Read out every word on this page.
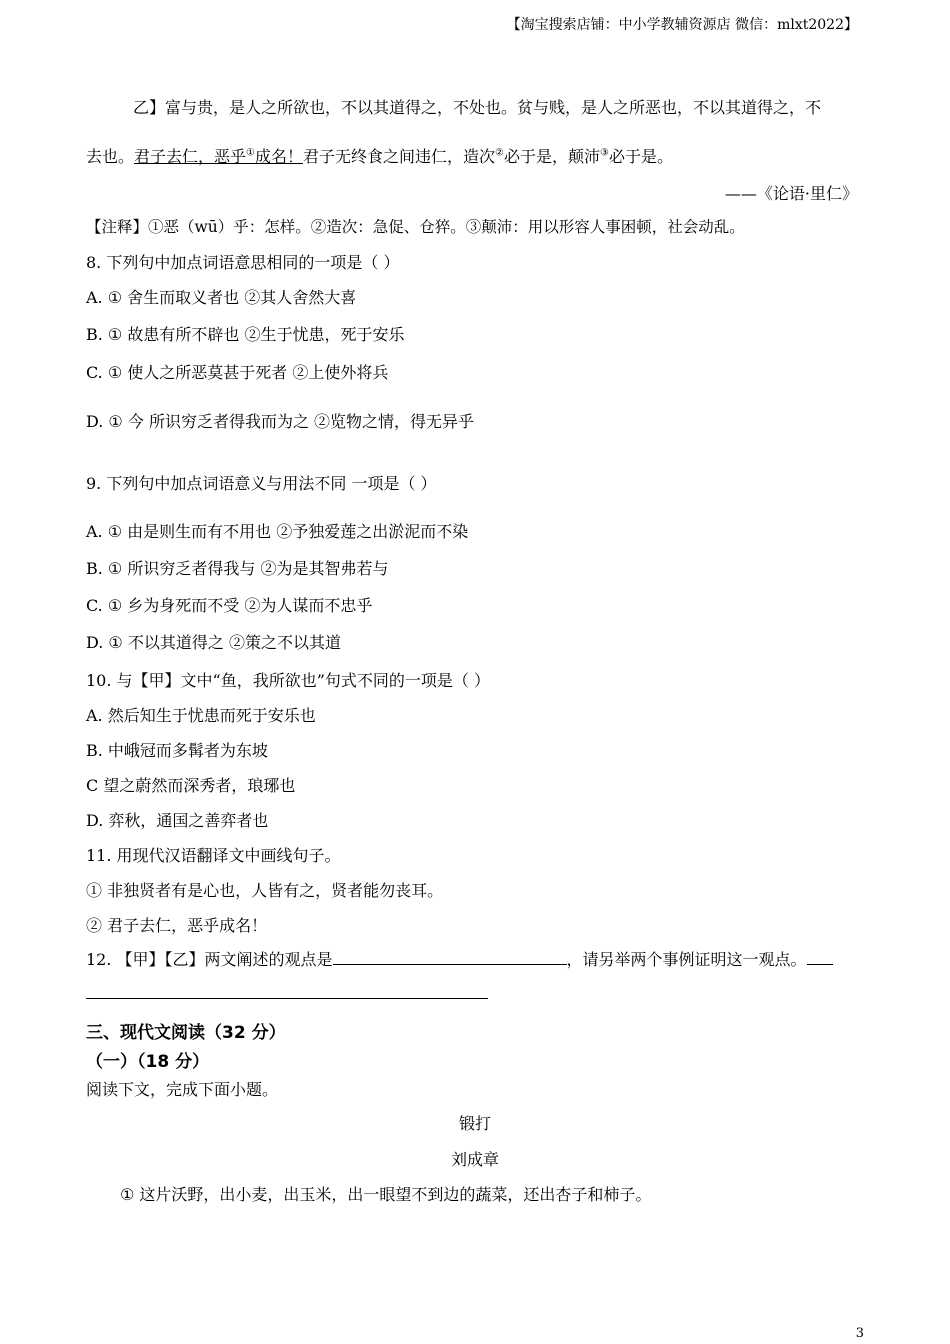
【淘宝搜索店铺：中小学教辅资源店 微信：mlxt2022】
乙】富与贵，是人之所欲也，不以其道得之，不处也。贫与贱，是人之所恶也，不以其道得之，不
去也。君子去仁，恶乎①成名！君子无终食之间违仁，造次②必于是，颠沛③必于是。
——《论语·里仁》
【注释】①恶（wū）乎：怎样。②造次：急促、仓猝。③颠沛：用以形容人事困顿，社会动乱。
8. 下列句中加点词语意思相同的一项是（ ）
A. ① 舍生而取义者也 ②其人舍然大喜
B. ① 故患有所不辟也 ②生于忧患，死于安乐
C. ① 使人之所恶莫甚于死者 ②上使外将兵
D. ① 今 所识穷乏者得我而为之 ②览物之情，得无异乎
9. 下列句中加点词语意义与用法不同 一项是（ ）
A. ① 由是则生而有不用也 ②予独爱莲之出淤泥而不染
B. ① 所识穷乏者得我与 ②为是其智弗若与
C. ① 乡为身死而不受 ②为人谋而不忠乎
D. ① 不以其道得之 ②策之不以其道
10. 与【甲】文中“鱼，我所欲也”句式不同的一项是（ ）
A. 然后知生于忧患而死于安乐也
B. 中峨冠而多髯者为东坡
C 望之蔚然而深秀者，琅琊也
D. 弈秋，通国之善弈者也
11. 用现代汉语翻译文中画线句子。
① 非独贤者有是心也，人皆有之，贤者能勿丧耳。
② 君子去仁，恶乎成名！
12. 【甲】【乙】两文阐述的观点是	，请另举两个事例证明这一观点。
三、现代文阅读（32 分）
（一）（18 分）
阅读下文，完成下面小题。
锻打
刘成章
① 这片沃野，出小麦，出玉米，出一眼望不到边的蔬菜，还出杏子和柿子。
3
